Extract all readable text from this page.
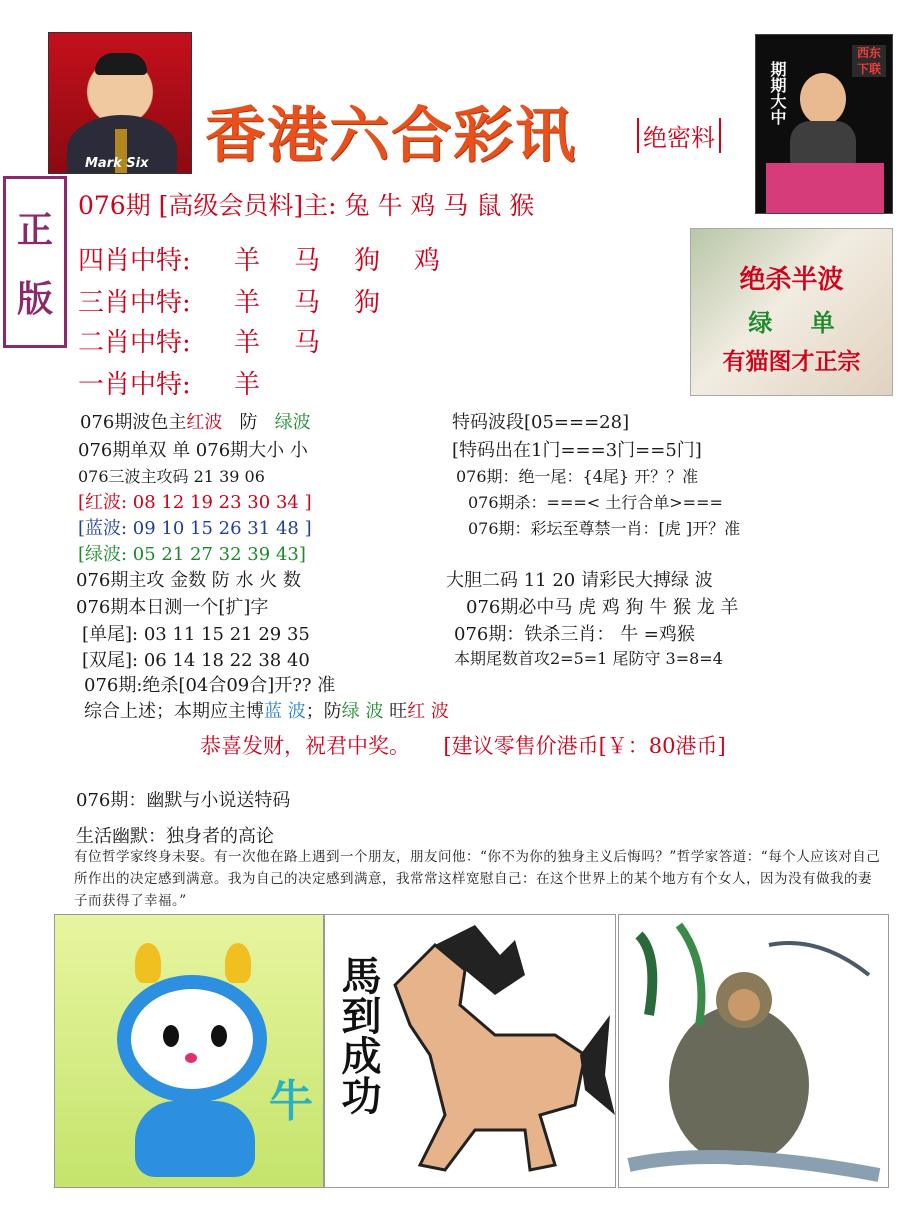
Mark Six 香港六合彩讯	绝密料
期期大中
西东下联
正
版
076期 [高级会员料]主: 兔 牛 鸡 马 鼠 猴
四肖中特: 羊 马 狗 鸡
三肖中特: 羊 马 狗
二肖中特: 羊 马
一肖中特: 羊
绝杀半波
绿 单
有猫图才正宗
076期波色主红波 防 绿波
076期单双 单 076期大小 小
076三波主攻码 21 39 06
[红波: 08 12 19 23 30 34 ]
[蓝波: 09 10 15 26 31 48 ]
[绿波: 05 21 27 32 39 43]
076期主攻 金数 防 水 火 数
076期本日测一个[扩]字
[单尾]: 03 11 15 21 29 35
[双尾]: 06 14 18 22 38 40
076期:绝杀[04合09合]开?? 准
综合上述；本期应主博蓝 波；防绿 波 旺红 波
特码波段[05===28]
[特码出在1门===3门==5门]
076期：绝一尾：{4尾} 开？？准
076期杀：===< 土行合单>===
076期：彩坛至尊禁一肖：[虎 ]开？准
大胆二码 11 20 请彩民大搏绿 波
076期必中马 虎 鸡 狗 牛 猴 龙 羊
076期：铁杀三肖： 牛 =鸡猴
本期尾数首攻2=5=1 尾防守 3=8=4
恭喜发财，祝君中奖。 [建议零售价港币[￥：80港币]
076期：幽默与小说送特码
生活幽默：独身者的高论
有位哲学家终身未娶。有一次他在路上遇到一个朋友，朋友问他：“你不为你的独身主义后悔吗？”哲学家答道：“每个人应该对自己所作出的决定感到满意。我为自己的决定感到满意，我常常这样宽慰自己：在这个世界上的某个地方有个女人，因为没有做我的妻子而获得了幸福。”
牛 馬到成功
